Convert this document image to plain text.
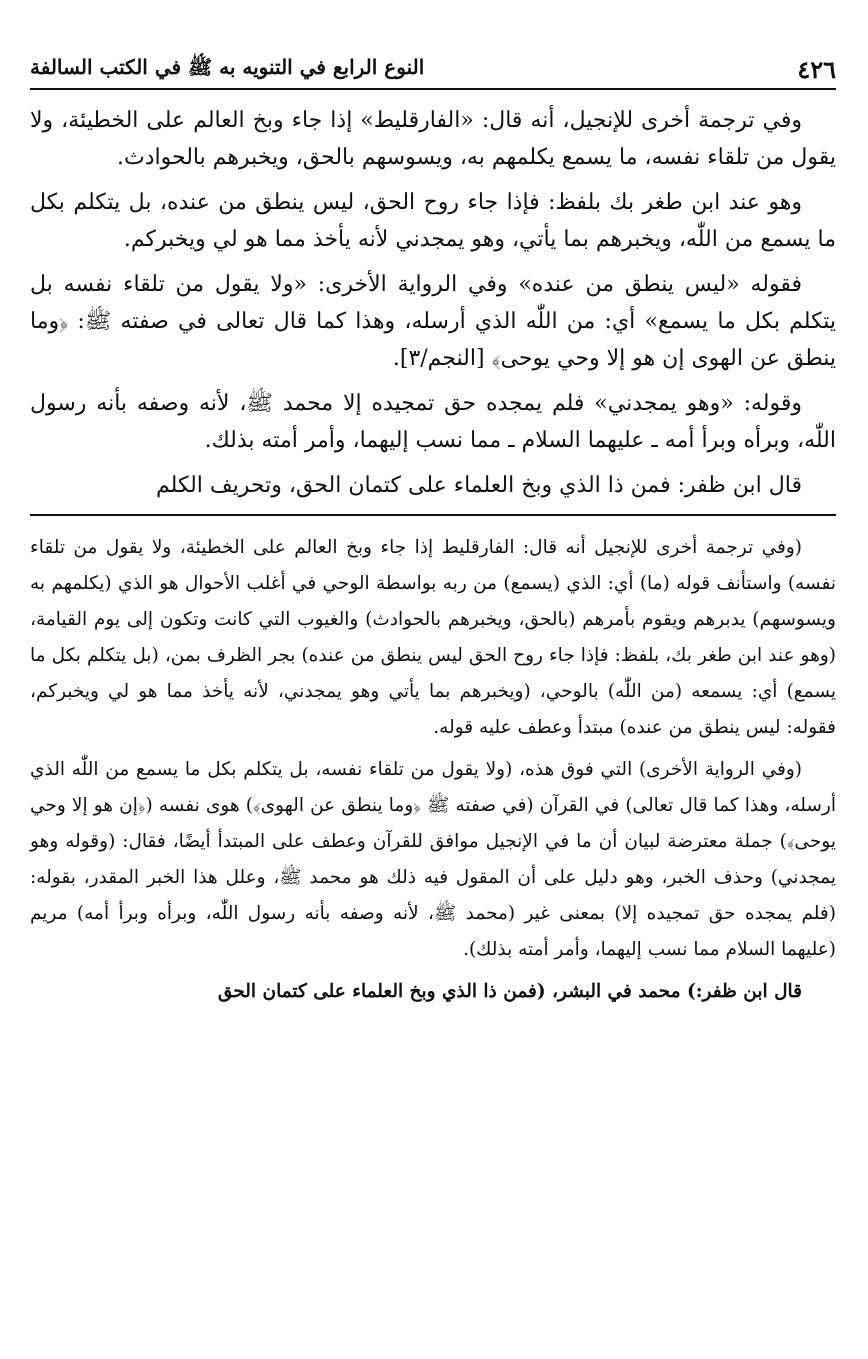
٤٢٦
النوع الرابع في التنويه به ﷺ في الكتب السالفة

وفي ترجمة أخرى للإنجيل، أنه قال: «الفارقليط» إذا جاء وبخ العالم على الخطيئة، ولا يقول من تلقاء نفسه، ما يسمع يكلمهم به، ويسوسهم بالحق، ويخبرهم بالحوادث.

وهو عند ابن طغر بك بلفظ: فإذا جاء روح الحق، ليس ينطق من عنده، بل يتكلم بكل ما يسمع من اللّٰه، ويخبرهم بما يأتي، وهو يمجدني لأنه يأخذ مما هو لي ويخبركم.

فقوله «ليس ينطق من عنده» وفي الرواية الأخرى: «ولا يقول من تلقاء نفسه بل يتكلم بكل ما يسمع» أي: من اللّٰه الذي أرسله، وهذا كما قال تعالى في صفته ﷺ: ﴿وما ينطق عن الهوى إن هو إلا وحي يوحى﴾ [النجم/٣].

وقوله: «وهو يمجدني» فلم يمجده حق تمجيده إلا محمد ﷺ، لأنه وصفه بأنه رسول اللّٰه، وبرأه وبرأ أمه ـ عليهما السلام ـ مما نسب إليهما، وأمر أمته بذلك.

قال ابن ظفر: فمن ذا الذي وبخ العلماء على كتمان الحق، وتحريف الكلم

(وفي ترجمة أخرى للإنجيل أنه قال: الفارقليط إذا جاء وبخ العالم على الخطيئة، ولا يقول من تلقاء نفسه) واستأنف قوله (ما) أي: الذي (يسمع) من ربه بواسطة الوحي في أغلب الأحوال هو الذي (يكلمهم به ويسوسهم) يدبرهم ويقوم بأمرهم (بالحق، ويخبرهم بالحوادث) والغيوب التي كانت وتكون إلى يوم القيامة، (وهو عند ابن طغر بك، بلفظ: فإذا جاء روح الحق ليس ينطق من عنده) بجر الظرف بمن، (بل يتكلم بكل ما يسمع) أي: يسمعه (من اللّٰه) بالوحي، (ويخبرهم بما يأتي وهو يمجدني، لأنه يأخذ مما هو لي ويخبركم، فقوله: ليس ينطق من عنده) مبتدأ وعطف عليه قوله.

(وفي الرواية الأخرى) التي فوق هذه، (ولا يقول من تلقاء نفسه، بل يتكلم بكل ما يسمع من اللّٰه الذي أرسله، وهذا كما قال تعالى) في القرآن (في صفته ﷺ ﴿وما ينطق عن الهوى﴾) هوى نفسه (﴿إن هو إلا وحي يوحى﴾) جملة معترضة لبيان أن ما في الإنجيل موافق للقرآن وعطف على المبتدأ أيضًا، فقال: (وقوله وهو يمجدني) وحذف الخبر، وهو دليل على أن المقول فيه ذلك هو محمد ﷺ، وعلل هذا الخبر المقدر، بقوله: (فلم يمجده حق تمجيده إلا) بمعنى غير (محمد ﷺ، لأنه وصفه بأنه رسول اللّٰه، وبرأه وبرأ أمه) مريم (عليهما السلام مما نسب إليهما، وأمر أمته بذلك).

قال ابن ظفر:) محمد في البشر، (فمن ذا الذي وبخ العلماء على كتمان الحق
